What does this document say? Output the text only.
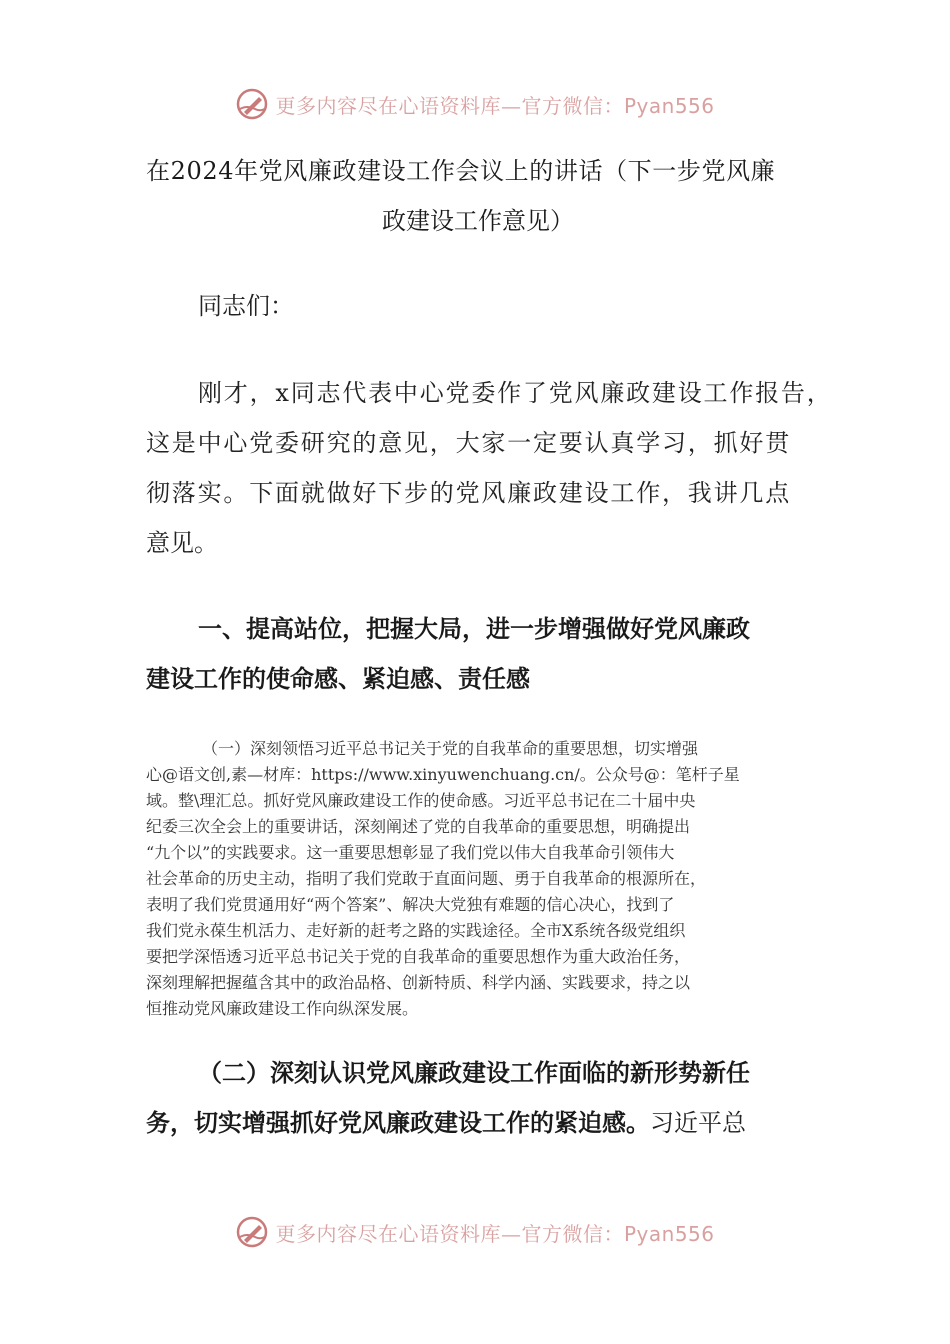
更多内容尽在心语资料库—官方微信：Pyan556
在2024年党风廉政建设工作会议上的讲话（下一步党风廉
政建设工作意见）
同志们：
刚才，x同志代表中心党委作了党风廉政建设工作报告，
这是中心党委研究的意见，大家一定要认真学习，抓好贯
彻落实。下面就做好下步的党风廉政建设工作，我讲几点
意见。
一、提高站位，把握大局，进一步增强做好党风廉政
建设工作的使命感、紧迫感、责任感
（一）深刻领悟习近平总书记关于党的自我革命的重要思想，切实增强
心@语文创,素—材库：https://www.xinyuwenchuang.cn/。公众号@：笔杆子星
域。整\理汇总。抓好党风廉政建设工作的使命感。习近平总书记在二十届中央
纪委三次全会上的重要讲话，深刻阐述了党的自我革命的重要思想，明确提出
“九个以”的实践要求。这一重要思想彰显了我们党以伟大自我革命引领伟大
社会革命的历史主动，指明了我们党敢于直面问题、勇于自我革命的根源所在，
表明了我们党贯通用好“两个答案”、解决大党独有难题的信心决心，找到了
我们党永葆生机活力、走好新的赶考之路的实践途径。全市X系统各级党组织
要把学深悟透习近平总书记关于党的自我革命的重要思想作为重大政治任务，
深刻理解把握蕴含其中的政治品格、创新特质、科学内涵、实践要求，持之以
恒推动党风廉政建设工作向纵深发展。
（二）深刻认识党风廉政建设工作面临的新形势新任
务，切实增强抓好党风廉政建设工作的紧迫感。习近平总
更多内容尽在心语资料库—官方微信：Pyan556
